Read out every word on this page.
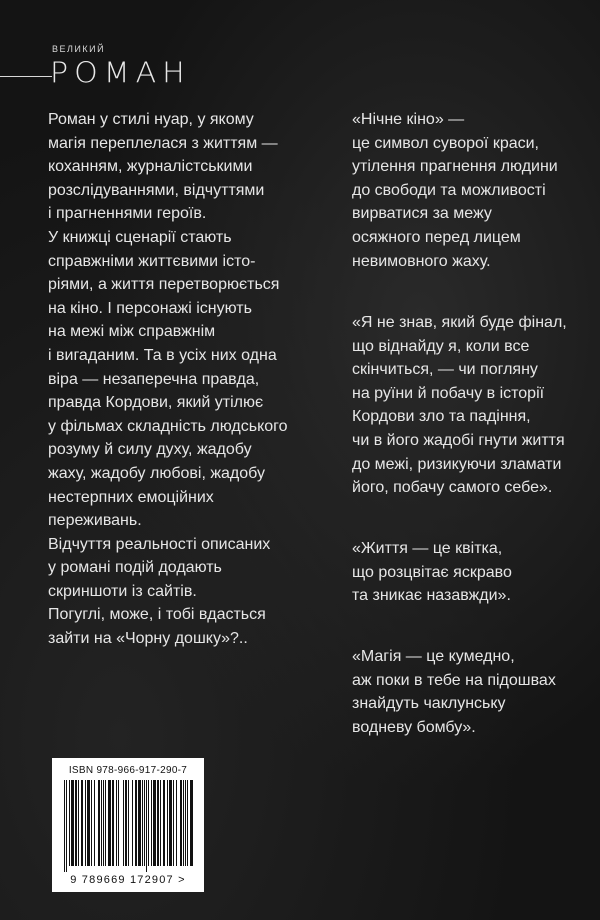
ВЕЛИКИЙ
РОМАН

Роман у стилі нуар, у якому
магія переплелася з життям —
коханням, журналістськими
розслідуваннями, відчуттями
і прагненнями героїв.

У книжці сценарії стають
справжніми життєвими істо-
ріями, а життя перетворюється
на кіно. І персонажі існують
на межі між справжнім
і вигаданим. Та в усіх них одна
віра — незаперечна правда,
правда Кордови, який утілює
у фільмах складність людського
розуму й силу духу, жадобу
жаху, жадобу любові, жадобу
нестерпних емоційних
переживань.

Відчуття реальності описаних
у романі подій додають
скриншоти із сайтів.

Погуглі, може, і тобі вдасться
зайти на «Чорну дошку»?..

«Нічне кіно» —
це символ суворої краси,
утілення прагнення людини
до свободи та можливості
вирватися за межу
осяжного перед лицем
невимовного жаху.

«Я не знав, який буде фінал,
що віднайду я, коли все
скінчиться, — чи погляну
на руїни й побачу в історії
Кордови зло та падіння,
чи в його жадобі гнути життя
до межі, ризикуючи зламати
його, побачу самого себе».

«Життя — це квітка,
що розцвітає яскраво
та зникає назавжди».

«Магія — це кумедно,
аж поки в тебе на підошвах
знайдуть чаклунську
водневу бомбу».

ISBN 978-966-917-290-7
9 789669 172907 >
